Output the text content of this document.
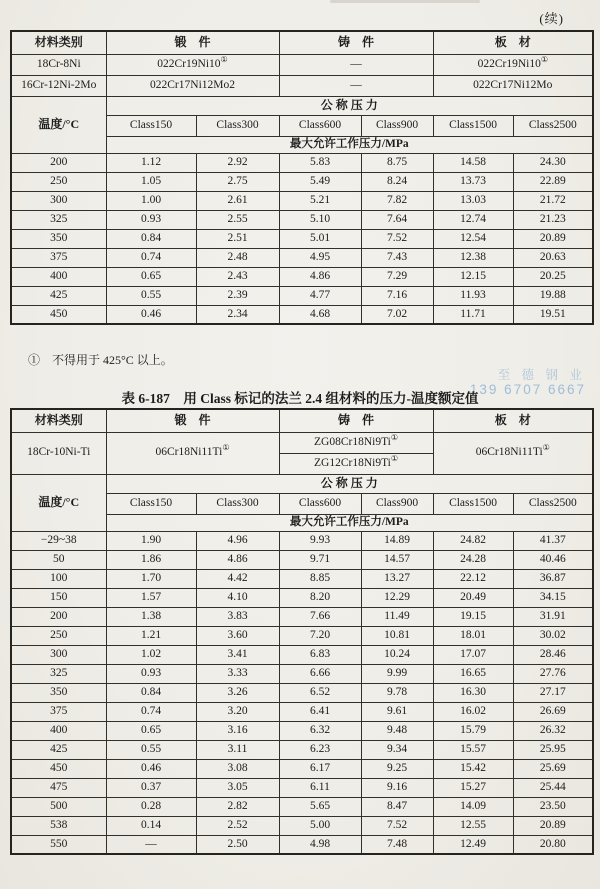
(续)
材料类别	锻　件		铸　件		板　材	
18Cr-8Ni	022Cr19Ni10①		—		022Cr19Ni10①
16Cr-12Ni-2Mo	022Cr17Ni12Mo2		—		022Cr17Ni12Mo	
温度/°C	公 称 压 力					
	Class150	Class300	Class600	Class900	Class1500	Class2500
	最大允许工作压力/MPa					
200	1.12	2.92	5.83	8.75	14.58	24.30
250	1.05	2.75	5.49	8.24	13.73	22.89
300	1.00	2.61	5.21	7.82	13.03	21.72
325	0.93	2.55	5.10	7.64	12.74	21.23
350	0.84	2.51	5.01	7.52	12.54	20.89
375	0.74	2.48	4.95	7.43	12.38	20.63
400	0.65	2.43	4.86	7.29	12.15	20.25
425	0.55	2.39	4.77	7.16	11.93	19.88
450	0.46	2.34	4.68	7.02	11.71	19.51
①　不得用于 425°C 以上。
至 德 钢 业
139 6707 6667
表 6-187　用 Class 标记的法兰 2.4 组材料的压力-温度额定值
材料类别	锻　件		铸　件		板　材	
18Cr-10Ni-Ti	06Cr18Ni11Ti①		ZG08Cr18Ni9Ti①		06Cr18Ni11Ti①
			ZG12Cr18Ni9Ti①
温度/°C	公 称 压 力					
	Class150	Class300	Class600	Class900	Class1500	Class2500
	最大允许工作压力/MPa					
−29~38	1.90	4.96	9.93	14.89	24.82	41.37
50	1.86	4.86	9.71	14.57	24.28	40.46
100	1.70	4.42	8.85	13.27	22.12	36.87
150	1.57	4.10	8.20	12.29	20.49	34.15
200	1.38	3.83	7.66	11.49	19.15	31.91
250	1.21	3.60	7.20	10.81	18.01	30.02
300	1.02	3.41	6.83	10.24	17.07	28.46
325	0.93	3.33	6.66	9.99	16.65	27.76
350	0.84	3.26	6.52	9.78	16.30	27.17
375	0.74	3.20	6.41	9.61	16.02	26.69
400	0.65	3.16	6.32	9.48	15.79	26.32
425	0.55	3.11	6.23	9.34	15.57	25.95
450	0.46	3.08	6.17	9.25	15.42	25.69
475	0.37	3.05	6.11	9.16	15.27	25.44
500	0.28	2.82	5.65	8.47	14.09	23.50
538	0.14	2.52	5.00	7.52	12.55	20.89
550	—	2.50	4.98	7.48	12.49	20.80
